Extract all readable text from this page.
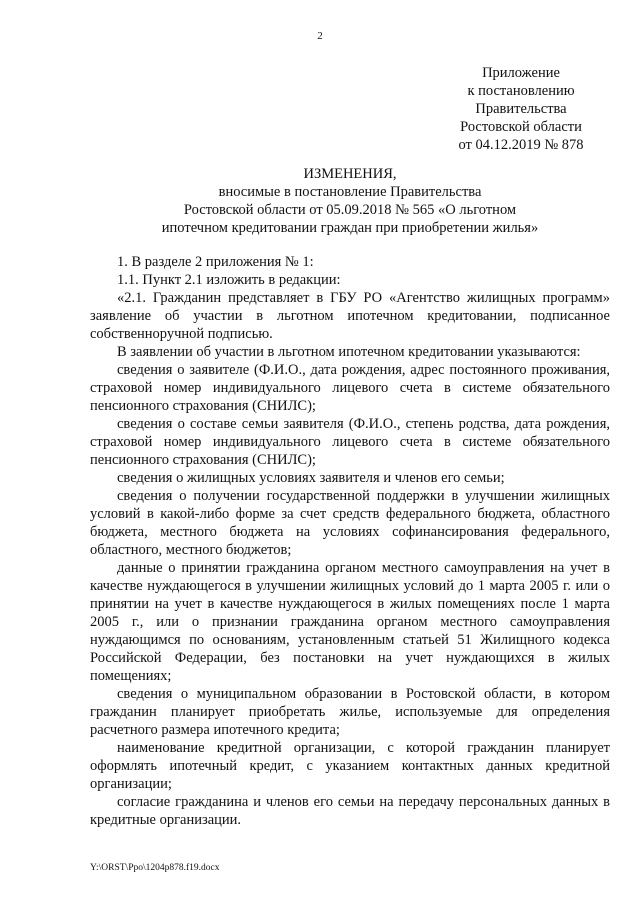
2
Приложение
к постановлению
Правительства
Ростовской области
от 04.12.2019 № 878
ИЗМЕНЕНИЯ,
вносимые в постановление Правительства
Ростовской области от 05.09.2018 № 565 «О льготном
ипотечном кредитовании граждан при приобретении жилья»

1. В разделе 2 приложения № 1:

1.1. Пункт 2.1 изложить в редакции:

«2.1. Гражданин представляет в ГБУ РО «Агентство жилищных программ» заявление об участии в льготном ипотечном кредитовании, подписанное собственноручной подписью.

В заявлении об участии в льготном ипотечном кредитовании указываются:

сведения о заявителе (Ф.И.О., дата рождения, адрес постоянного проживания, страховой номер индивидуального лицевого счета в системе обязательного пенсионного страхования (СНИЛС);

сведения о составе семьи заявителя (Ф.И.О., степень родства, дата рождения, страховой номер индивидуального лицевого счета в системе обязательного пенсионного страхования (СНИЛС);

сведения о жилищных условиях заявителя и членов его семьи;

сведения о получении государственной поддержки в улучшении жилищных условий в какой-либо форме за счет средств федерального бюджета, областного бюджета, местного бюджета на условиях софинансирования федерального, областного, местного бюджетов;

данные о принятии гражданина органом местного самоуправления на учет в качестве нуждающегося в улучшении жилищных условий до 1 марта 2005 г. или о принятии на учет в качестве нуждающегося в жилых помещениях после 1 марта 2005 г., или о признании гражданина органом местного самоуправления нуждающимся по основаниям, установленным статьей 51 Жилищного кодекса Российской Федерации, без постановки на учет нуждающихся в жилых помещениях;

сведения о муниципальном образовании в Ростовской области, в котором гражданин планирует приобретать жилье, используемые для определения расчетного размера ипотечного кредита;

наименование кредитной организации, с которой гражданин планирует оформлять ипотечный кредит, с указанием контактных данных кредитной организации;

согласие гражданина и членов его семьи на передачу персональных данных в кредитные организации.

Y:\ORST\Ppo\1204p878.f19.docx
